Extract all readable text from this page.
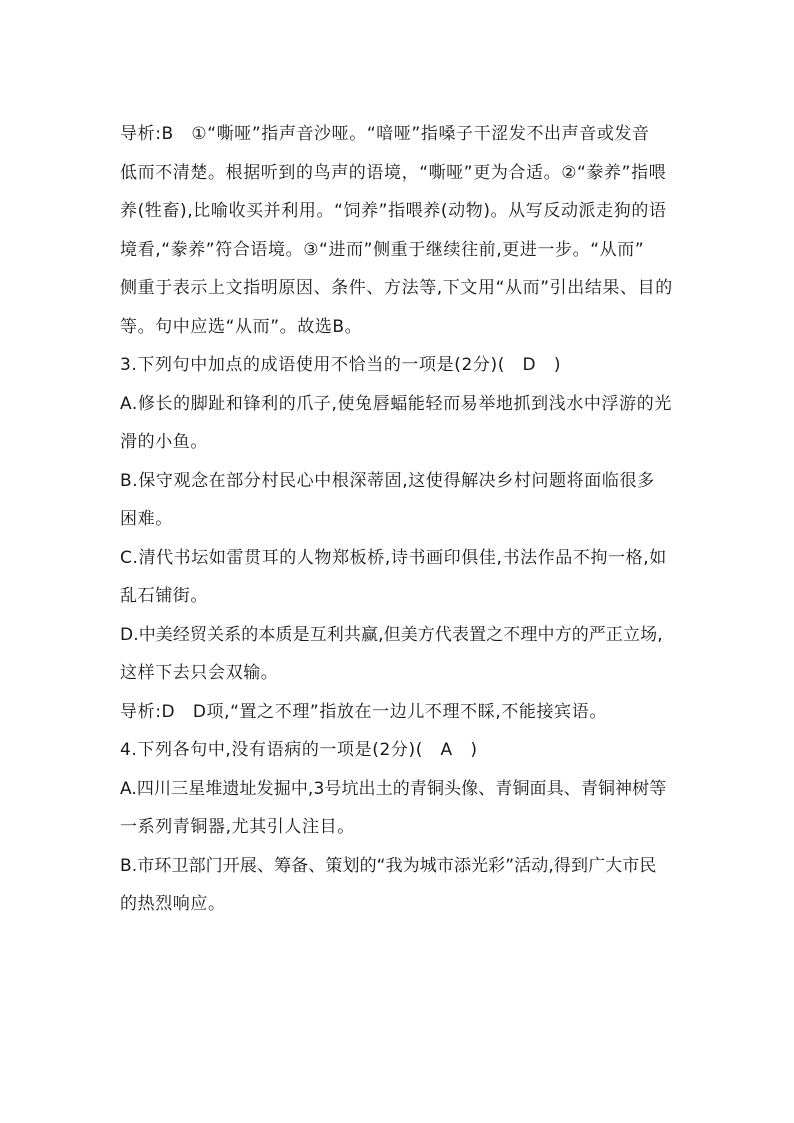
导析:B　①“嘶哑”指声音沙哑。“喑哑”指嗓子干涩发不出声音或发音
低而不清楚。根据听到的鸟声的语境，“嘶哑”更为合适。②“豢养”指喂
养(牲畜),比喻收买并利用。“饲养”指喂养(动物)。从写反动派走狗的语
境看,“豢养”符合语境。③“进而”侧重于继续往前,更进一步。“从而”
侧重于表示上文指明原因、条件、方法等,下文用“从而”引出结果、目的
等。句中应选“从而”。故选B。
3.下列句中加点的成语使用不恰当的一项是(2分)(　D　)
A.修长的脚趾和锋利的爪子,使兔唇蝠能轻而易举地抓到浅水中浮游的光
滑的小鱼。
B.保守观念在部分村民心中根深蒂固,这使得解决乡村问题将面临很多
困难。
C.清代书坛如雷贯耳的人物郑板桥,诗书画印俱佳,书法作品不拘一格,如
乱石铺街。
D.中美经贸关系的本质是互利共赢,但美方代表置之不理中方的严正立场,
这样下去只会双输。
导析:D　D项,“置之不理”指放在一边儿不理不睬,不能接宾语。
4.下列各句中,没有语病的一项是(2分)(　A　)
A.四川三星堆遗址发掘中,3号坑出土的青铜头像、青铜面具、青铜神树等
一系列青铜器,尤其引人注目。
B.市环卫部门开展、筹备、策划的“我为城市添光彩”活动,得到广大市民
的热烈响应。
